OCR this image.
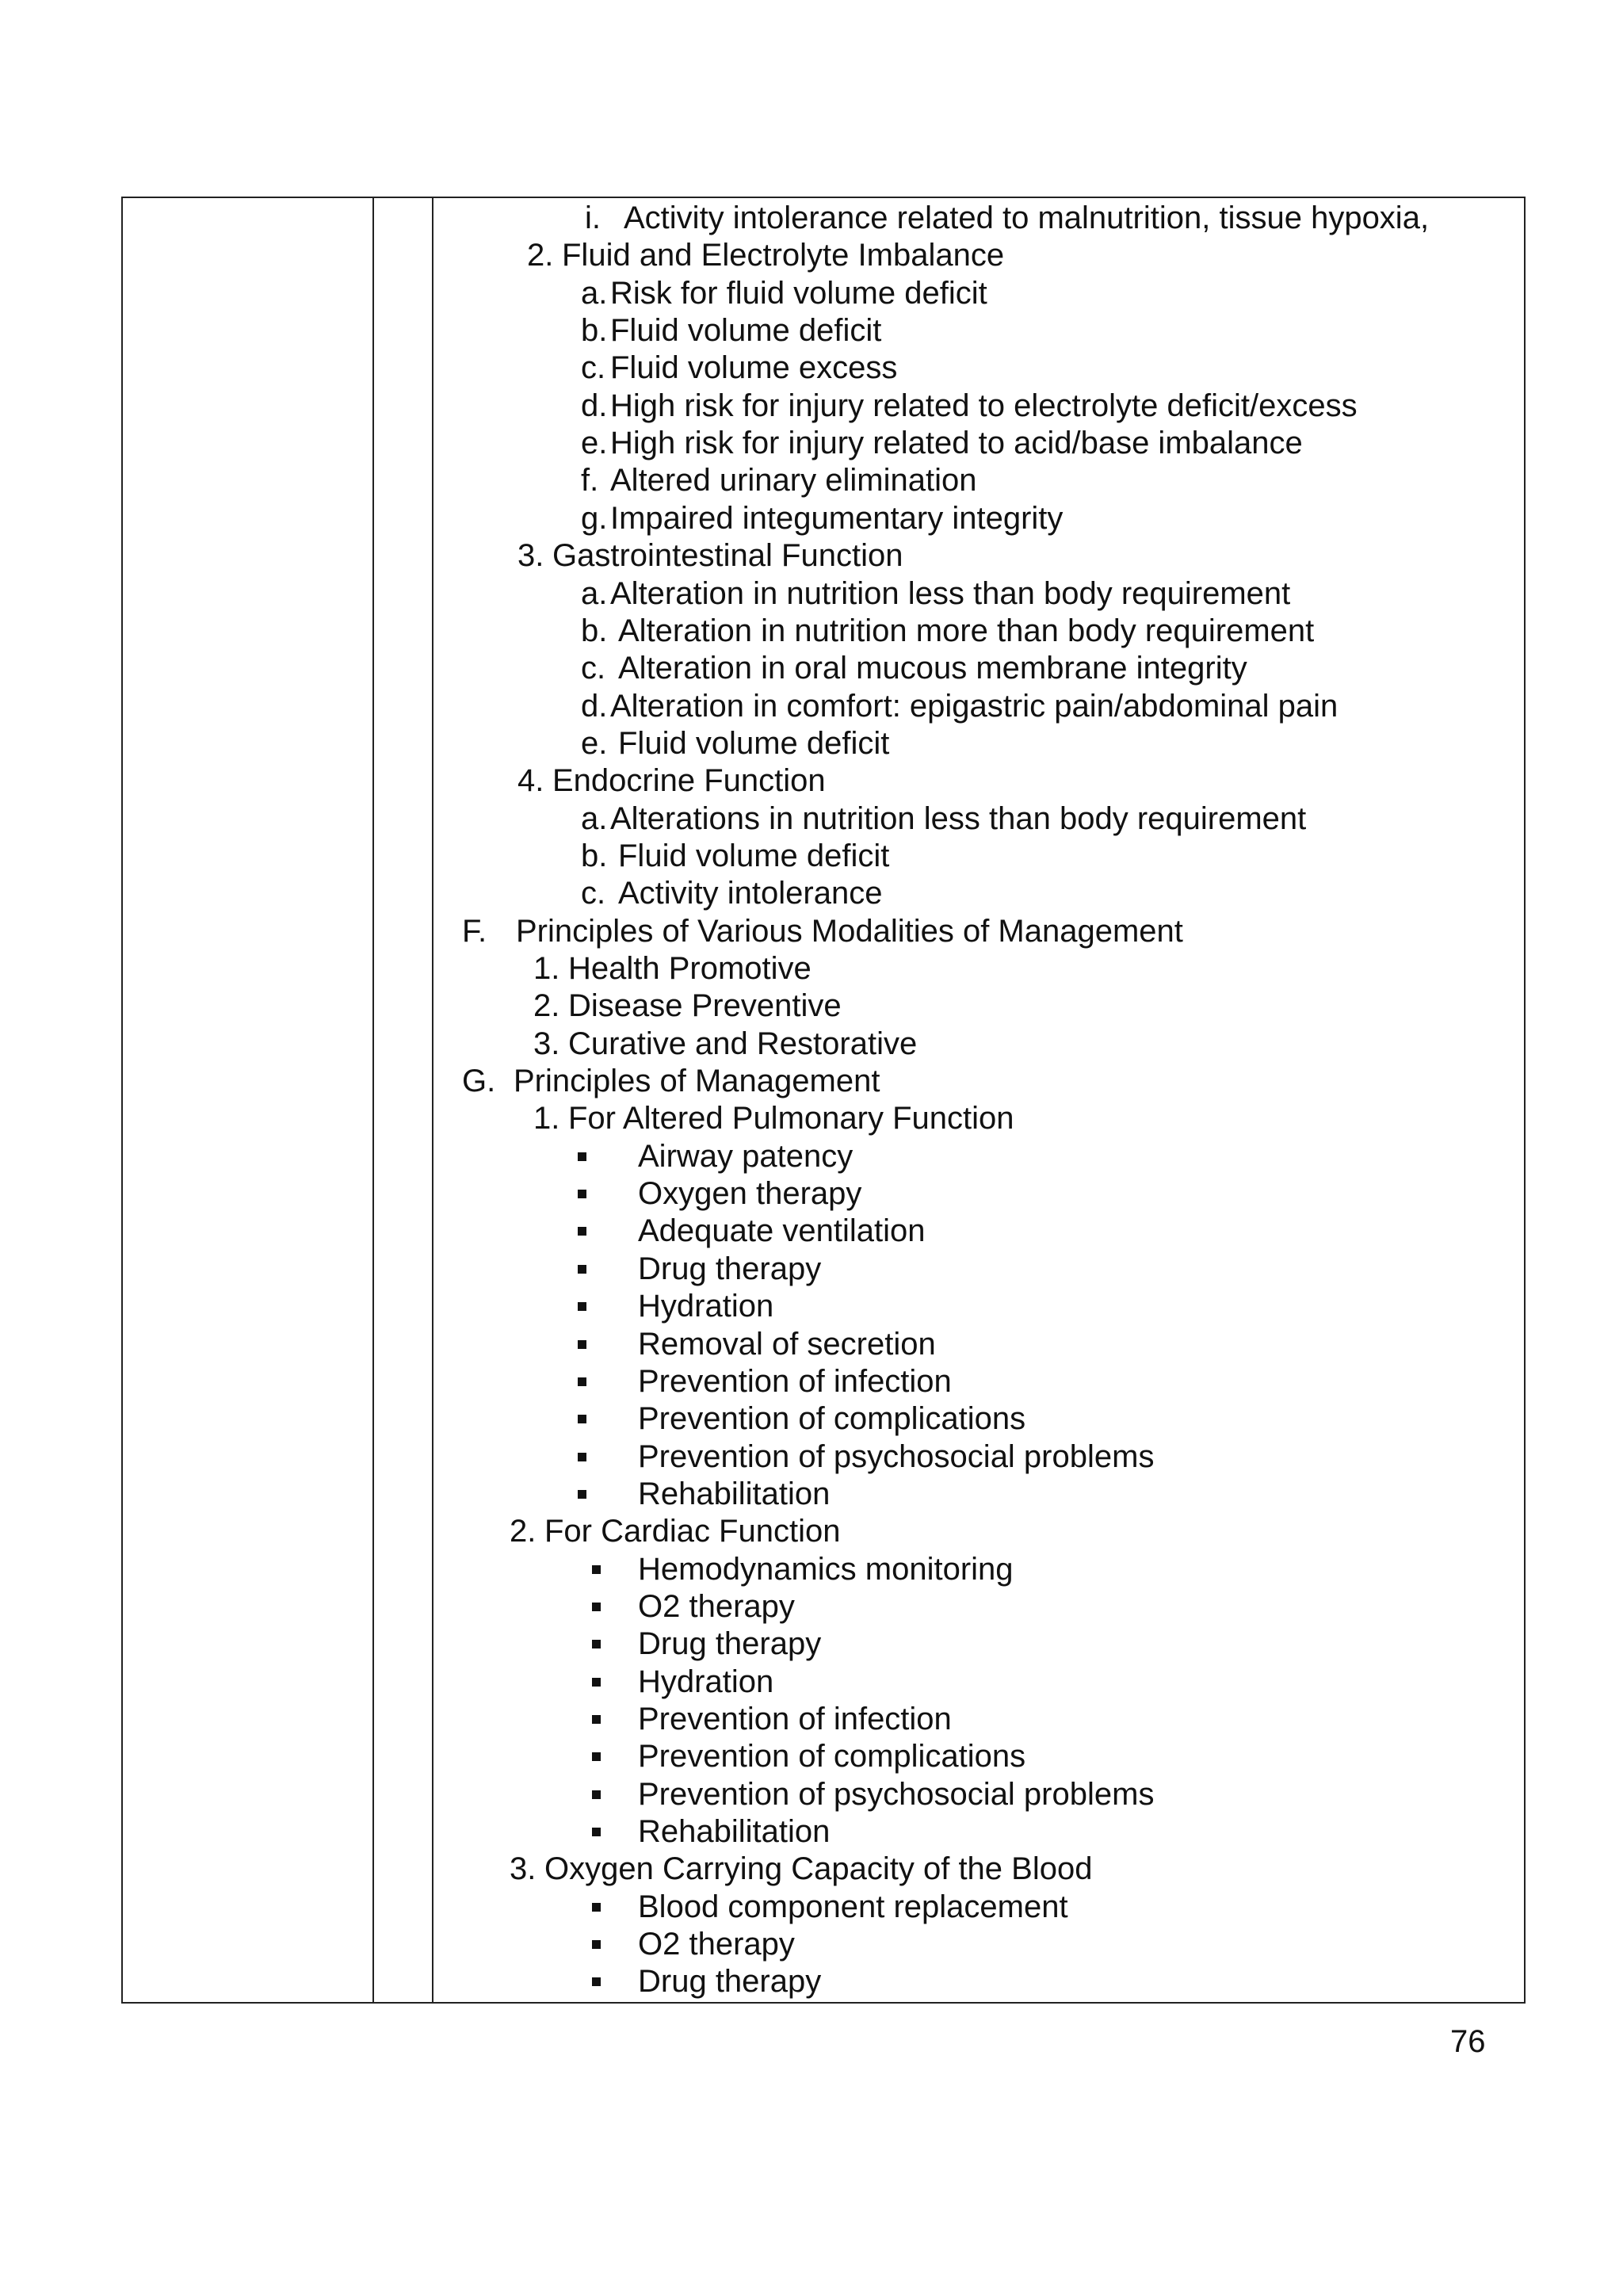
i. Activity intolerance related to malnutrition, tissue hypoxia,
2. Fluid and Electrolyte Imbalance
a. Risk for fluid volume deficit
b. Fluid volume deficit
c. Fluid volume excess
d. High risk for injury related to electrolyte deficit/excess
e. High risk for injury related to acid/base imbalance
f. Altered urinary elimination
g. Impaired integumentary integrity
3. Gastrointestinal Function
a. Alteration in nutrition less than body requirement
b. Alteration in nutrition more than body requirement
c. Alteration in oral mucous membrane integrity
d. Alteration in comfort: epigastric pain/abdominal pain
e. Fluid volume deficit
4. Endocrine Function
a. Alterations in nutrition less than body requirement
b. Fluid volume deficit
c. Activity intolerance
F. Principles of Various Modalities of Management
1. Health Promotive
2. Disease Preventive
3. Curative and Restorative
G. Principles of Management
1. For Altered Pulmonary Function
Airway patency
Oxygen therapy
Adequate ventilation
Drug therapy
Hydration
Removal of secretion
Prevention of infection
Prevention of complications
Prevention of psychosocial problems
Rehabilitation
2. For Cardiac Function
Hemodynamics monitoring
O2 therapy
Drug therapy
Hydration
Prevention of infection
Prevention of complications
Prevention of psychosocial problems
Rehabilitation
3. Oxygen Carrying Capacity of the Blood
Blood component replacement
O2 therapy
Drug therapy
76
